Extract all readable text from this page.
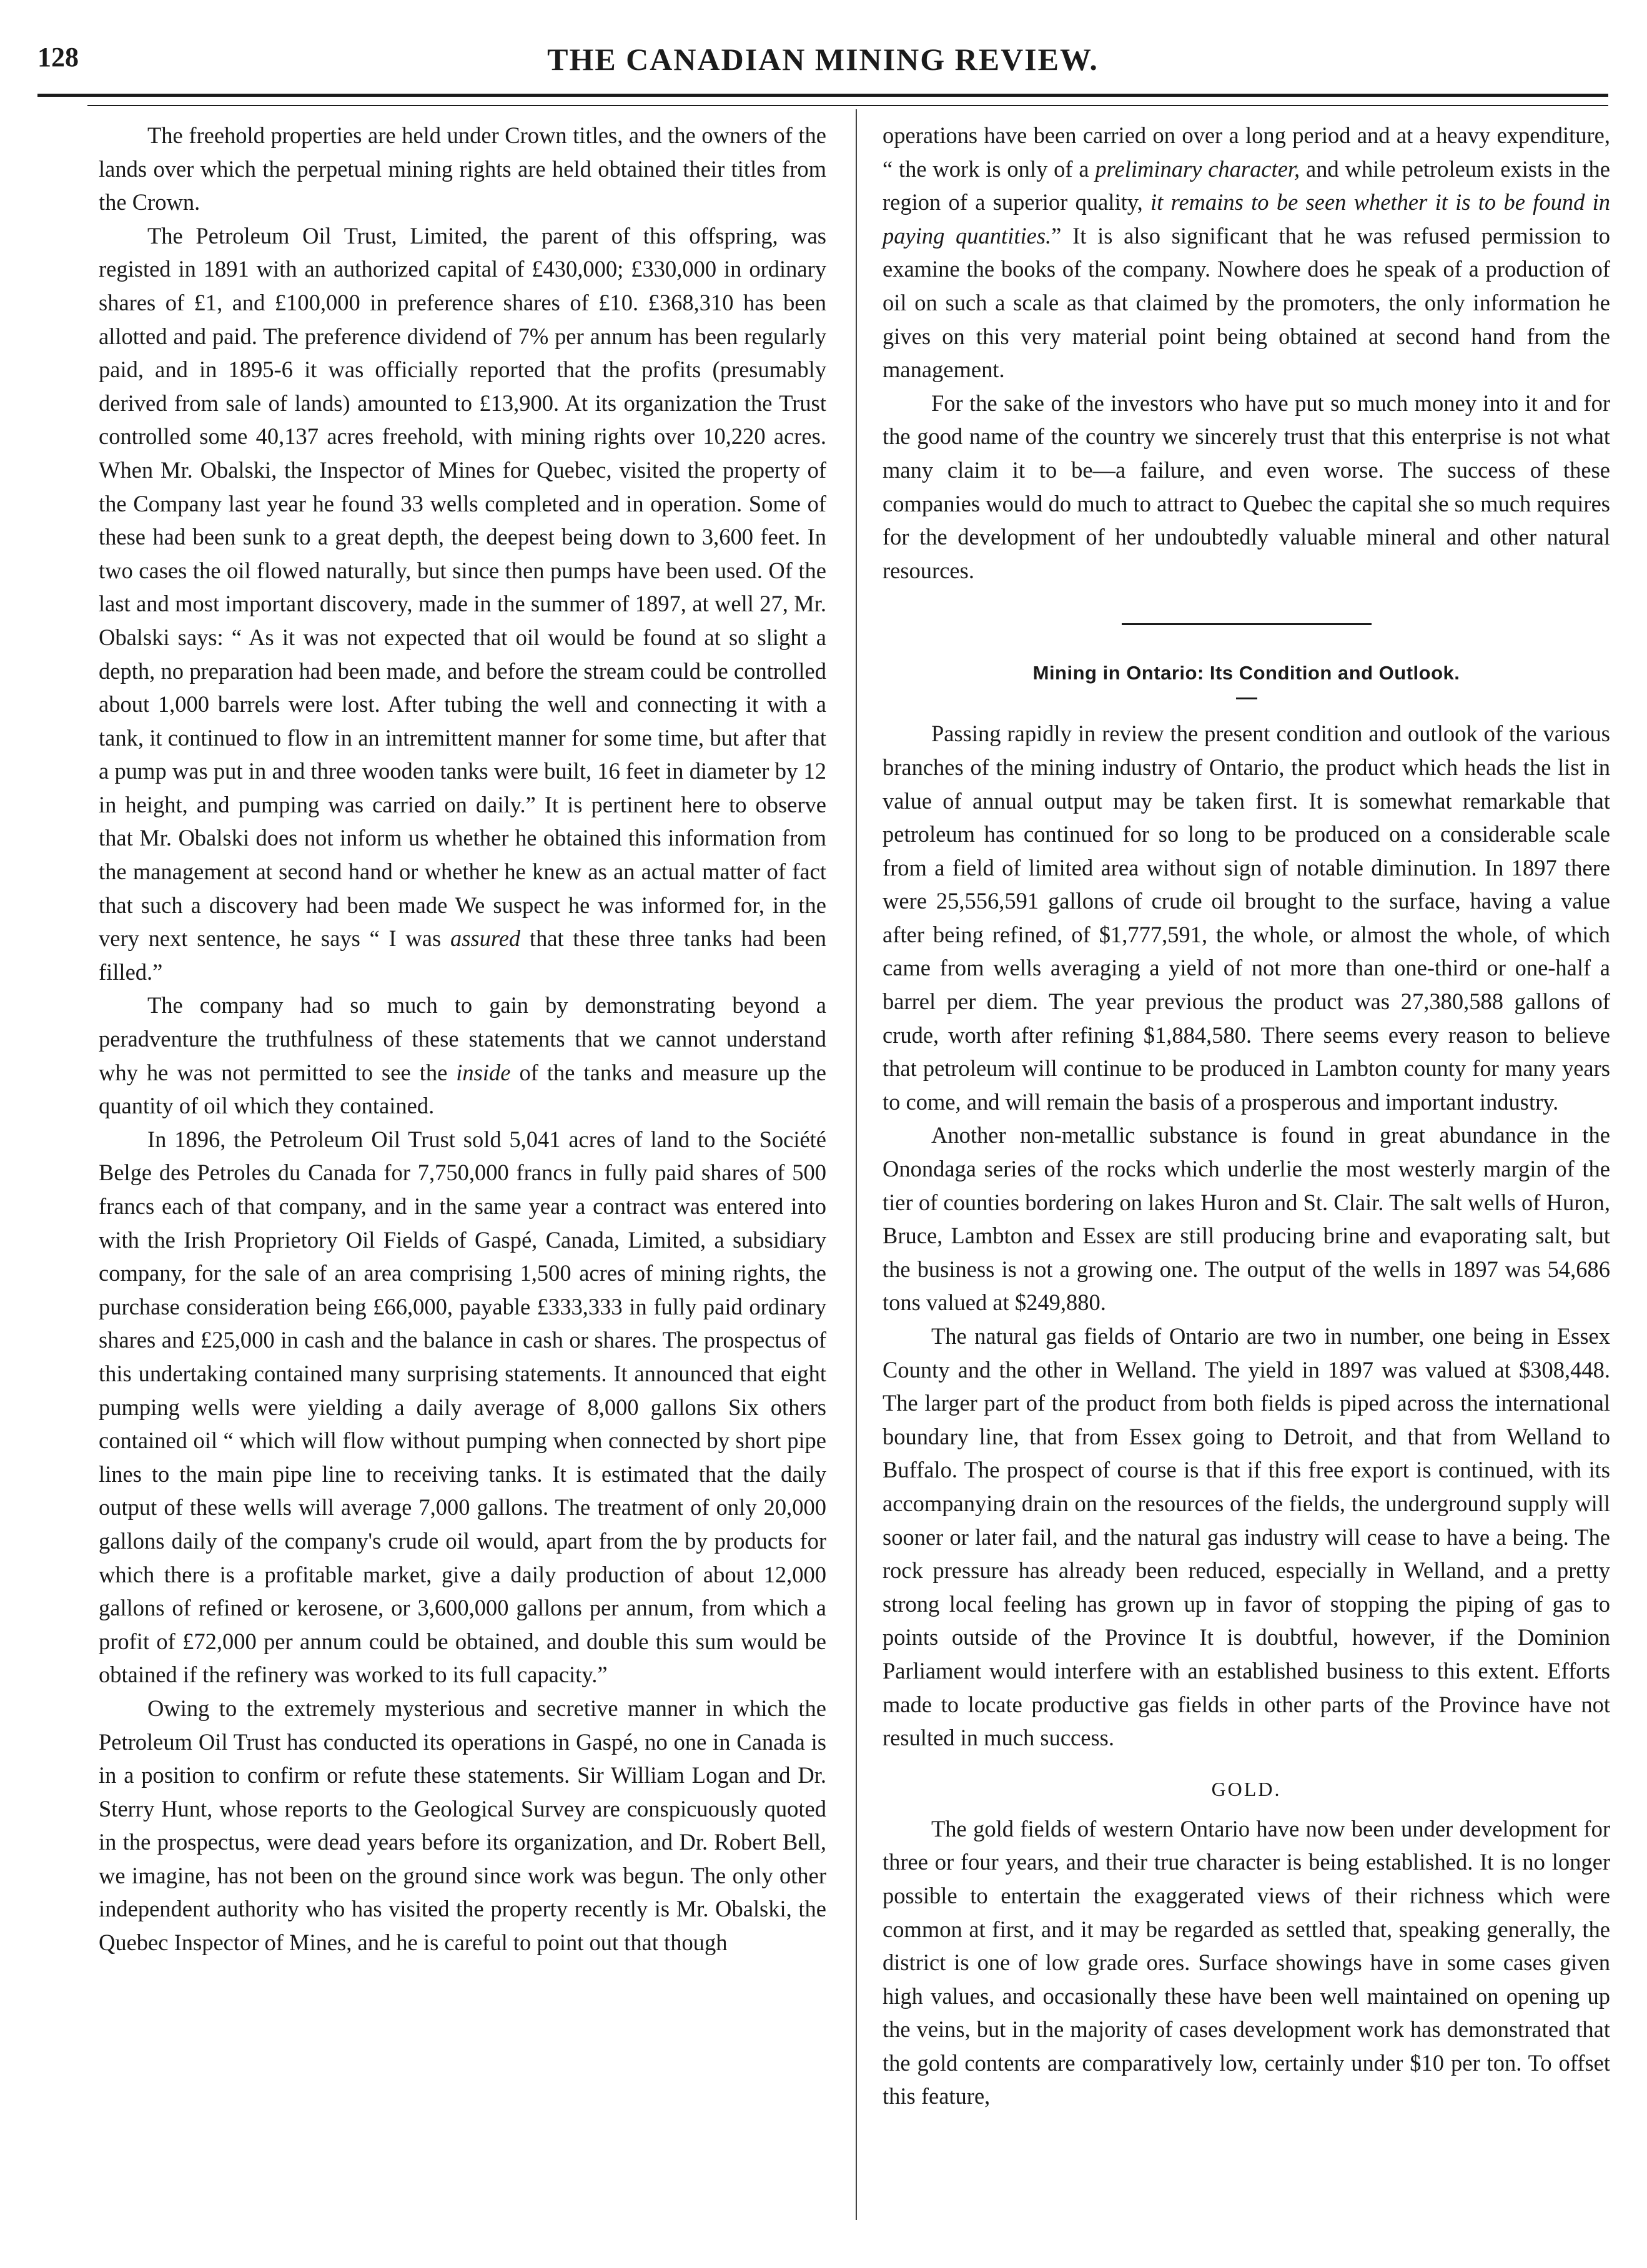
128	THE CANADIAN MINING REVIEW.

The freehold properties are held under Crown titles, and the owners of the lands over which the perpetual mining rights are held obtained their titles from the Crown.

The Petroleum Oil Trust, Limited, the parent of this offspring, was registed in 1891 with an authorized capital of £430,000; £330,000 in ordinary shares of £1, and £100,000 in preference shares of £10. £368,310 has been allotted and paid. The preference dividend of 7% per annum has been regularly paid, and in 1895-6 it was officially reported that the profits (presumably derived from sale of lands) amounted to £13,900. At its organization the Trust controlled some 40,137 acres freehold, with mining rights over 10,220 acres. When Mr. Obalski, the Inspector of Mines for Quebec, visited the property of the Company last year he found 33 wells completed and in operation. Some of these had been sunk to a great depth, the deepest being down to 3,600 feet. In two cases the oil flowed naturally, but since then pumps have been used. Of the last and most important discovery, made in the summer of 1897, at well 27, Mr. Obalski says: “ As it was not expected that oil would be found at so slight a depth, no preparation had been made, and before the stream could be controlled about 1,000 barrels were lost. After tubing the well and connecting it with a tank, it continued to flow in an intremittent manner for some time, but after that a pump was put in and three wooden tanks were built, 16 feet in diameter by 12 in height, and pumping was carried on daily.” It is pertinent here to observe that Mr. Obalski does not inform us whether he obtained this information from the management at second hand or whether he knew as an actual matter of fact that such a discovery had been made We suspect he was informed for, in the very next sentence, he says “ I was assured that these three tanks had been filled.”

The company had so much to gain by demonstrating beyond a peradventure the truthfulness of these statements that we cannot understand why he was not permitted to see the inside of the tanks and measure up the quantity of oil which they contained.

In 1896, the Petroleum Oil Trust sold 5,041 acres of land to the Société Belge des Petroles du Canada for 7,750,000 francs in fully paid shares of 500 francs each of that company, and in the same year a contract was entered into with the Irish Proprietory Oil Fields of Gaspé, Canada, Limited, a subsidiary company, for the sale of an area comprising 1,500 acres of mining rights, the purchase consideration being £66,000, payable £333,333 in fully paid ordinary shares and £25,000 in cash and the balance in cash or shares. The prospectus of this undertaking contained many surprising statements. It announced that eight pumping wells were yielding a daily average of 8,000 gallons Six others contained oil “ which will flow without pumping when connected by short pipe lines to the main pipe line to receiving tanks. It is estimated that the daily output of these wells will average 7,000 gallons. The treatment of only 20,000 gallons daily of the company's crude oil would, apart from the by products for which there is a profitable market, give a daily production of about 12,000 gallons of refined or kerosene, or 3,600,000 gallons per annum, from which a profit of £72,000 per annum could be obtained, and double this sum would be obtained if the refinery was worked to its full capacity.”

Owing to the extremely mysterious and secretive manner in which the Petroleum Oil Trust has conducted its operations in Gaspé, no one in Canada is in a position to confirm or refute these statements. Sir William Logan and Dr. Sterry Hunt, whose reports to the Geological Survey are conspicuously quoted in the prospectus, were dead years before its organization, and Dr. Robert Bell, we imagine, has not been on the ground since work was begun. The only other independent authority who has visited the property recently is Mr. Obalski, the Quebec Inspector of Mines, and he is careful to point out that though

operations have been carried on over a long period and at a heavy expenditure, “ the work is only of a preliminary character, and while petroleum exists in the region of a superior quality, it remains to be seen whether it is to be found in paying quantities.” It is also significant that he was refused permission to examine the books of the company. Nowhere does he speak of a production of oil on such a scale as that claimed by the promoters, the only information he gives on this very material point being obtained at second hand from the management.

For the sake of the investors who have put so much money into it and for the good name of the country we sincerely trust that this enterprise is not what many claim it to be—a failure, and even worse. The success of these companies would do much to attract to Quebec the capital she so much requires for the development of her undoubtedly valuable mineral and other natural resources.

Mining in Ontario: Its Condition and Outlook.

Passing rapidly in review the present condition and outlook of the various branches of the mining industry of Ontario, the product which heads the list in value of annual output may be taken first. It is somewhat remarkable that petroleum has continued for so long to be produced on a considerable scale from a field of limited area without sign of notable diminution. In 1897 there were 25,556,591 gallons of crude oil brought to the surface, having a value after being refined, of $1,777,591, the whole, or almost the whole, of which came from wells averaging a yield of not more than one-third or one-half a barrel per diem. The year previous the product was 27,380,588 gallons of crude, worth after refining $1,884,580. There seems every reason to believe that petroleum will continue to be produced in Lambton county for many years to come, and will remain the basis of a prosperous and important industry.

Another non-metallic substance is found in great abundance in the Onondaga series of the rocks which underlie the most westerly margin of the tier of counties bordering on lakes Huron and St. Clair. The salt wells of Huron, Bruce, Lambton and Essex are still producing brine and evaporating salt, but the business is not a growing one. The output of the wells in 1897 was 54,686 tons valued at $249,880.

The natural gas fields of Ontario are two in number, one being in Essex County and the other in Welland. The yield in 1897 was valued at $308,448. The larger part of the product from both fields is piped across the international boundary line, that from Essex going to Detroit, and that from Welland to Buffalo. The prospect of course is that if this free export is continued, with its accompanying drain on the resources of the fields, the underground supply will sooner or later fail, and the natural gas industry will cease to have a being. The rock pressure has already been reduced, especially in Welland, and a pretty strong local feeling has grown up in favor of stopping the piping of gas to points outside of the Province It is doubtful, however, if the Dominion Parliament would interfere with an established business to this extent. Efforts made to locate productive gas fields in other parts of the Province have not resulted in much success.

GOLD.

The gold fields of western Ontario have now been under development for three or four years, and their true character is being established. It is no longer possible to entertain the exaggerated views of their richness which were common at first, and it may be regarded as settled that, speaking generally, the district is one of low grade ores. Surface showings have in some cases given high values, and occasionally these have been well maintained on opening up the veins, but in the majority of cases development work has demonstrated that the gold contents are comparatively low, certainly under $10 per ton. To offset this feature,
